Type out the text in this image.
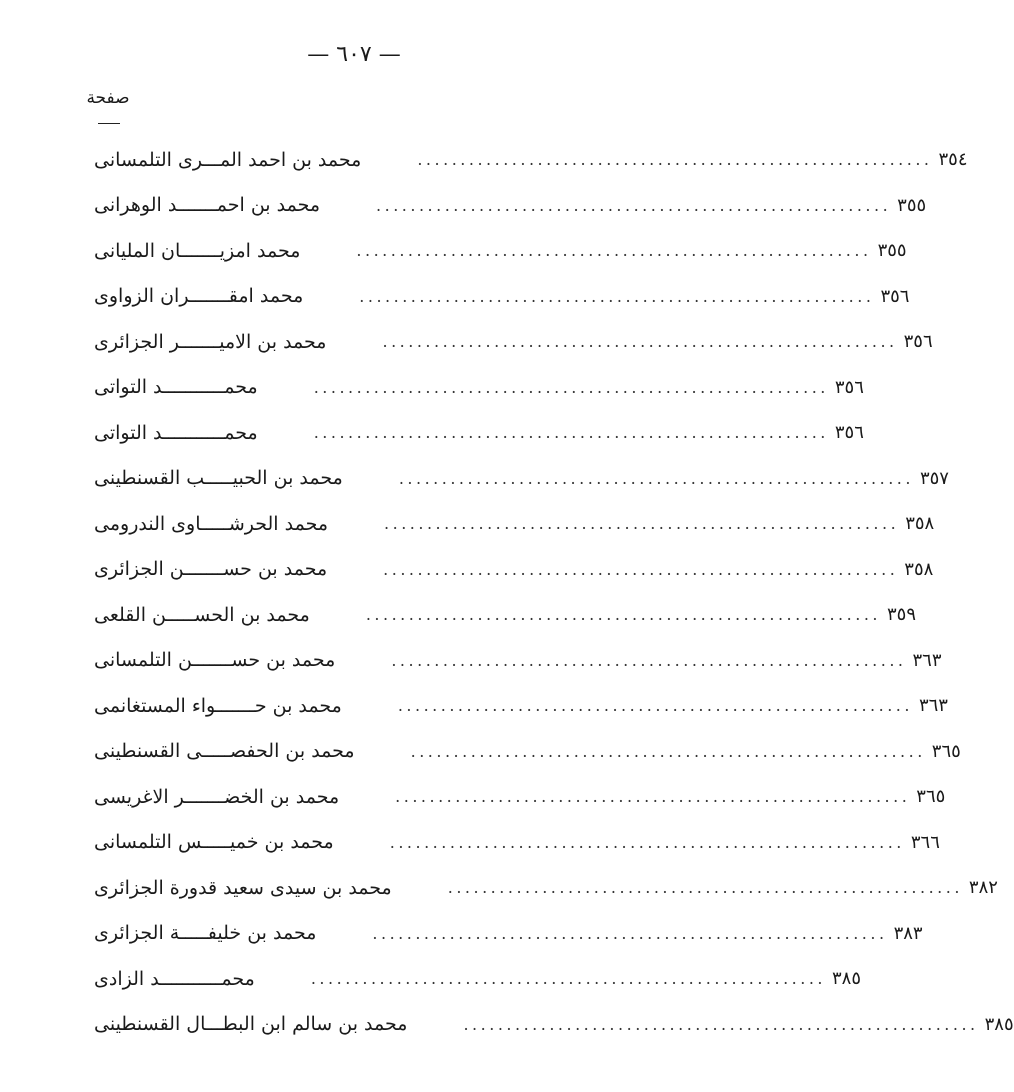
— ٦٠٧ —
صفحة
محمد بن احمد المـــرى التلمسانى	............................................................ ٣٥٤
محمد بن احمـــــــد الوهرانى	............................................................ ٣٥٥
محمد امزيـــــــان المليانى	............................................................ ٣٥٥
محمد امقـــــــران الزواوى	............................................................ ٣٥٦
محمد بن الاميـــــــر الجزائرى	............................................................ ٣٥٦
محمـــــــــــد التواتى	............................................................ ٣٥٦
محمـــــــــــد التواتى	............................................................ ٣٥٦
محمد بن الحبيـــــب القسنطينى	............................................................ ٣٥٧
محمد الحرشـــــاوى الندرومى	............................................................ ٣٥٨
محمد بن حســـــــن الجزائرى	............................................................ ٣٥٨
محمد بن الحســـــن القلعى	............................................................ ٣٥٩
محمد بن حســـــــن التلمسانى	............................................................ ٣٦٣
محمد بن حـــــــواء المستغانمى	............................................................ ٣٦٣
محمد بن الحفصـــــى القسنطينى	............................................................ ٣٦٥
محمد بن الخضـــــــر الاغريسى	............................................................ ٣٦٥
محمد بن خميـــــس التلمسانى	............................................................ ٣٦٦
محمد بن سيدى سعيد قدورة الجزائرى	............................................................ ٣٨٢
محمد بن خليفـــــة الجزائرى	............................................................ ٣٨٣
محمـــــــــــد الزادى	............................................................ ٣٨٥
محمد بن سالم ابن البطـــال القسنطينى	............................................................ ٣٨٥
